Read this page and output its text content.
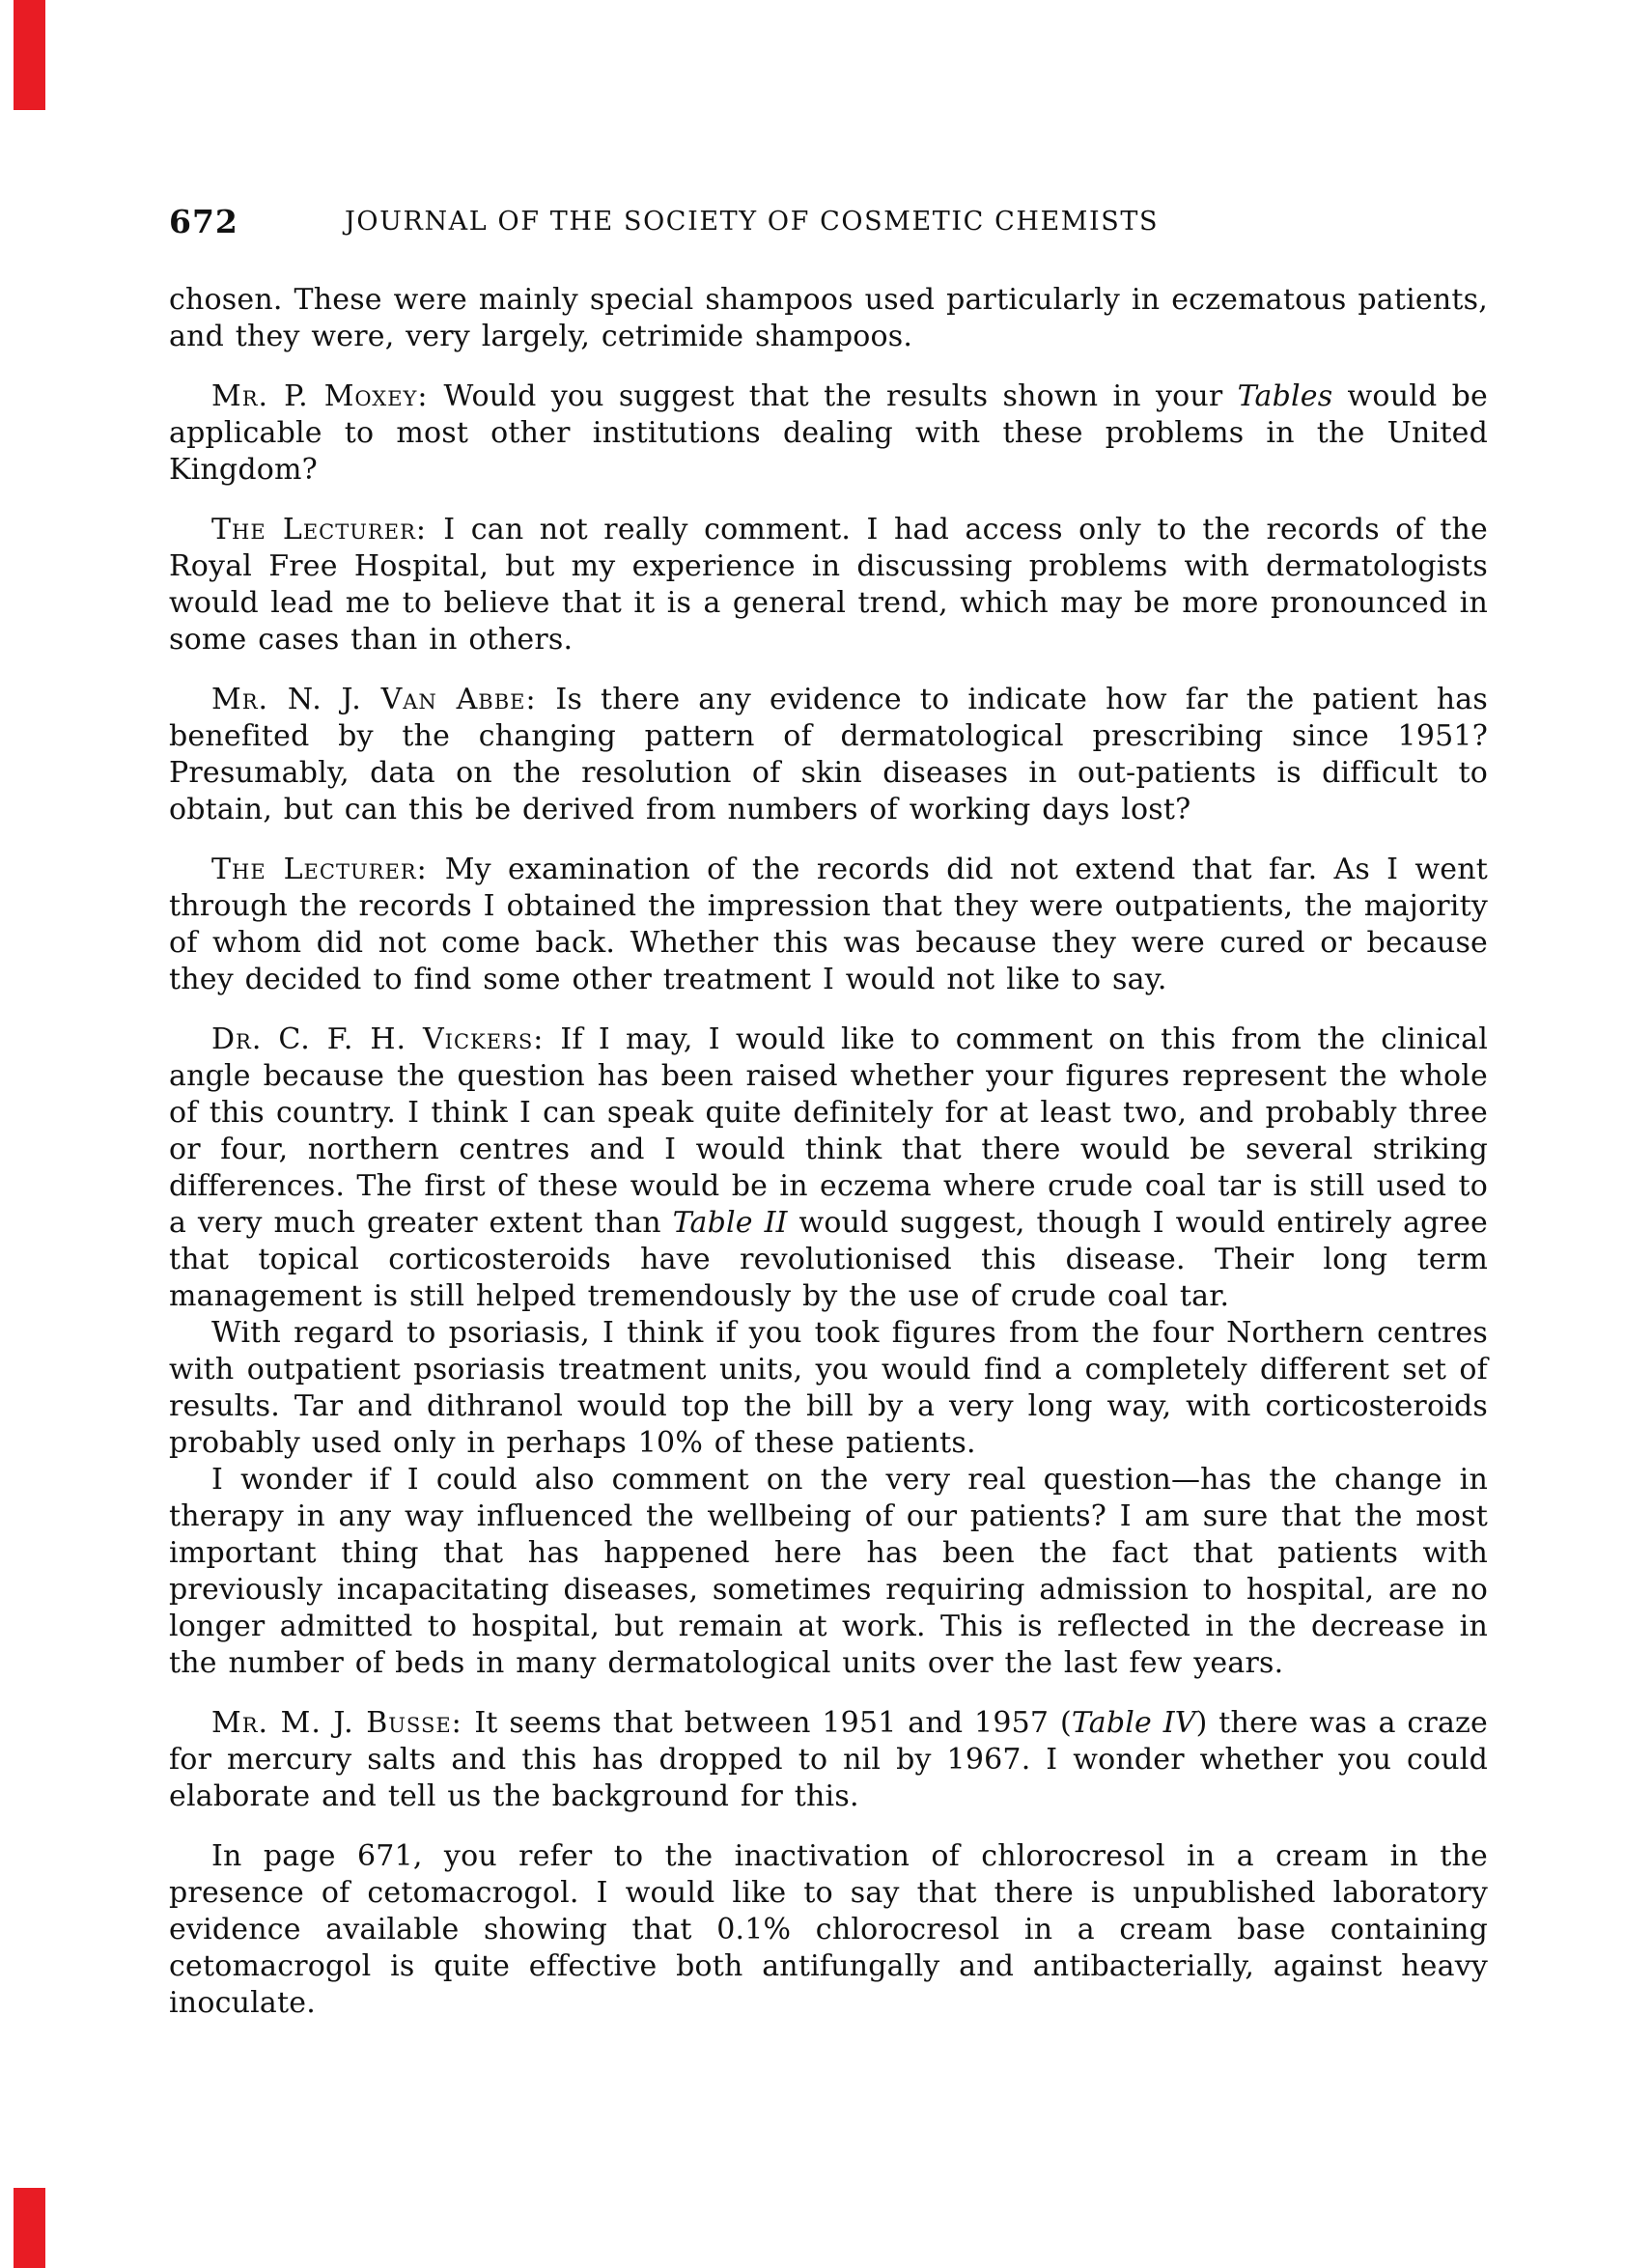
672	JOURNAL OF THE SOCIETY OF COSMETIC CHEMISTS

chosen. These were mainly special shampoos used particularly in eczematous patients, and they were, very largely, cetrimide shampoos.

Mr. P. Moxey: Would you suggest that the results shown in your Tables would be applicable to most other institutions dealing with these problems in the United Kingdom?

The Lecturer: I can not really comment. I had access only to the records of the Royal Free Hospital, but my experience in discussing problems with dermatologists would lead me to believe that it is a general trend, which may be more pronounced in some cases than in others.

Mr. N. J. Van Abbe: Is there any evidence to indicate how far the patient has benefited by the changing pattern of dermatological prescribing since 1951? Presumably, data on the resolution of skin diseases in out-patients is difficult to obtain, but can this be derived from numbers of working days lost?

The Lecturer: My examination of the records did not extend that far. As I went through the records I obtained the impression that they were outpatients, the majority of whom did not come back. Whether this was because they were cured or because they decided to find some other treatment I would not like to say.

Dr. C. F. H. Vickers: If I may, I would like to comment on this from the clinical angle because the question has been raised whether your figures represent the whole of this country. I think I can speak quite definitely for at least two, and probably three or four, northern centres and I would think that there would be several striking differences. The first of these would be in eczema where crude coal tar is still used to a very much greater extent than Table II would suggest, though I would entirely agree that topical corticosteroids have revolutionised this disease. Their long term management is still helped tremendously by the use of crude coal tar.

With regard to psoriasis, I think if you took figures from the four Northern centres with outpatient psoriasis treatment units, you would find a completely different set of results. Tar and dithranol would top the bill by a very long way, with corticosteroids probably used only in perhaps 10% of these patients.

I wonder if I could also comment on the very real question—has the change in therapy in any way influenced the wellbeing of our patients? I am sure that the most important thing that has happened here has been the fact that patients with previously incapacitating diseases, sometimes requiring admission to hospital, are no longer admitted to hospital, but remain at work. This is reflected in the decrease in the number of beds in many dermatological units over the last few years.

Mr. M. J. Busse: It seems that between 1951 and 1957 (Table IV) there was a craze for mercury salts and this has dropped to nil by 1967. I wonder whether you could elaborate and tell us the background for this.

In page 671, you refer to the inactivation of chlorocresol in a cream in the presence of cetomacrogol. I would like to say that there is unpublished laboratory evidence available showing that 0.1% chlorocresol in a cream base containing cetomacrogol is quite effective both antifungally and antibacterially, against heavy inoculate.
